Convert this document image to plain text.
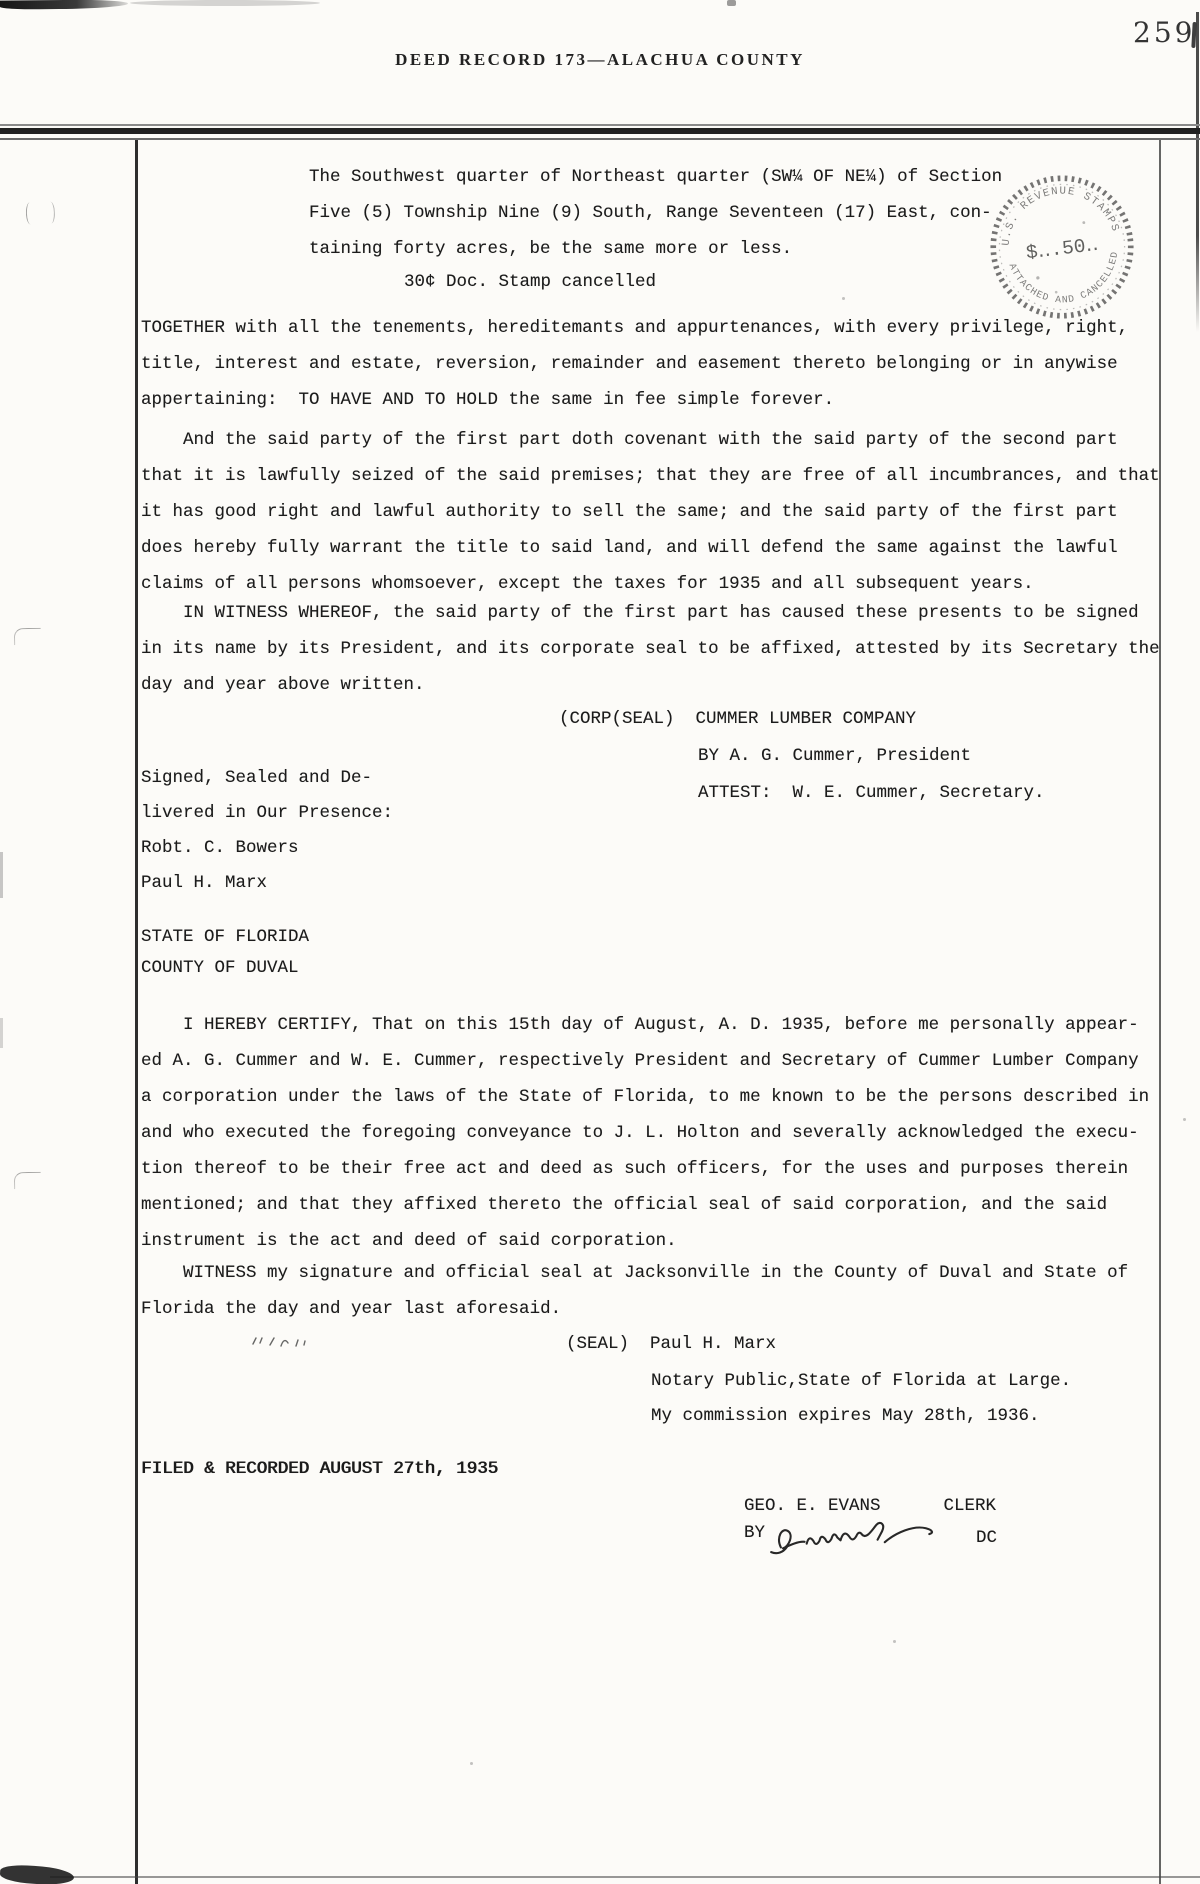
259
DEED RECORD 173—ALACHUA COUNTY
The Southwest quarter of Northeast quarter (SW¼ OF NE¼) of Section
Five (5) Township Nine (9) South, Range Seventeen (17) East, con-
taining forty acres, be the same more or less.
30¢ Doc. Stamp cancelled
U.S. REVENUE STAMPS
ATTACHED AND CANCELLED
$‥.50‥
TOGETHER with all the tenements, hereditemants and appurtenances, with every privilege, right,
title, interest and estate, reversion, remainder and easement thereto belonging or in anywise
appertaining:  TO HAVE AND TO HOLD the same in fee simple forever.
And the said party of the first part doth covenant with the said party of the second part
that it is lawfully seized of the said premises; that they are free of all incumbrances, and that
it has good right and lawful authority to sell the same; and the said party of the first part
does hereby fully warrant the title to said land, and will defend the same against the lawful
claims of all persons whomsoever, except the taxes for 1935 and all subsequent years.
IN WITNESS WHEREOF, the said party of the first part has caused these presents to be signed
in its name by its President, and its corporate seal to be affixed, attested by its Secretary the
day and year above written.
(CORP(SEAL)  CUMMER LUMBER COMPANY
BY A. G. Cummer, President
ATTEST:  W. E. Cummer, Secretary.
Signed, Sealed and De-
livered in Our Presence:
Robt. C. Bowers
Paul H. Marx
STATE OF FLORIDA
COUNTY OF DUVAL
I HEREBY CERTIFY, That on this 15th day of August, A. D. 1935, before me personally appear-
ed A. G. Cummer and W. E. Cummer, respectively President and Secretary of Cummer Lumber Company
a corporation under the laws of the State of Florida, to me known to be the persons described in
and who executed the foregoing conveyance to J. L. Holton and severally acknowledged the execu-
tion thereof to be their free act and deed as such officers, for the uses and purposes therein
mentioned; and that they affixed thereto the official seal of said corporation, and the said
instrument is the act and deed of said corporation.
WITNESS my signature and official seal at Jacksonville in the County of Duval and State of
Florida the day and year last aforesaid.
(SEAL)  Paul H. Marx
Notary Public,State of Florida at Large.
My commission expires May 28th, 1936.
FILED & RECORDED AUGUST 27th, 1935
GEO. E. EVANS      CLERK
BY	DC
